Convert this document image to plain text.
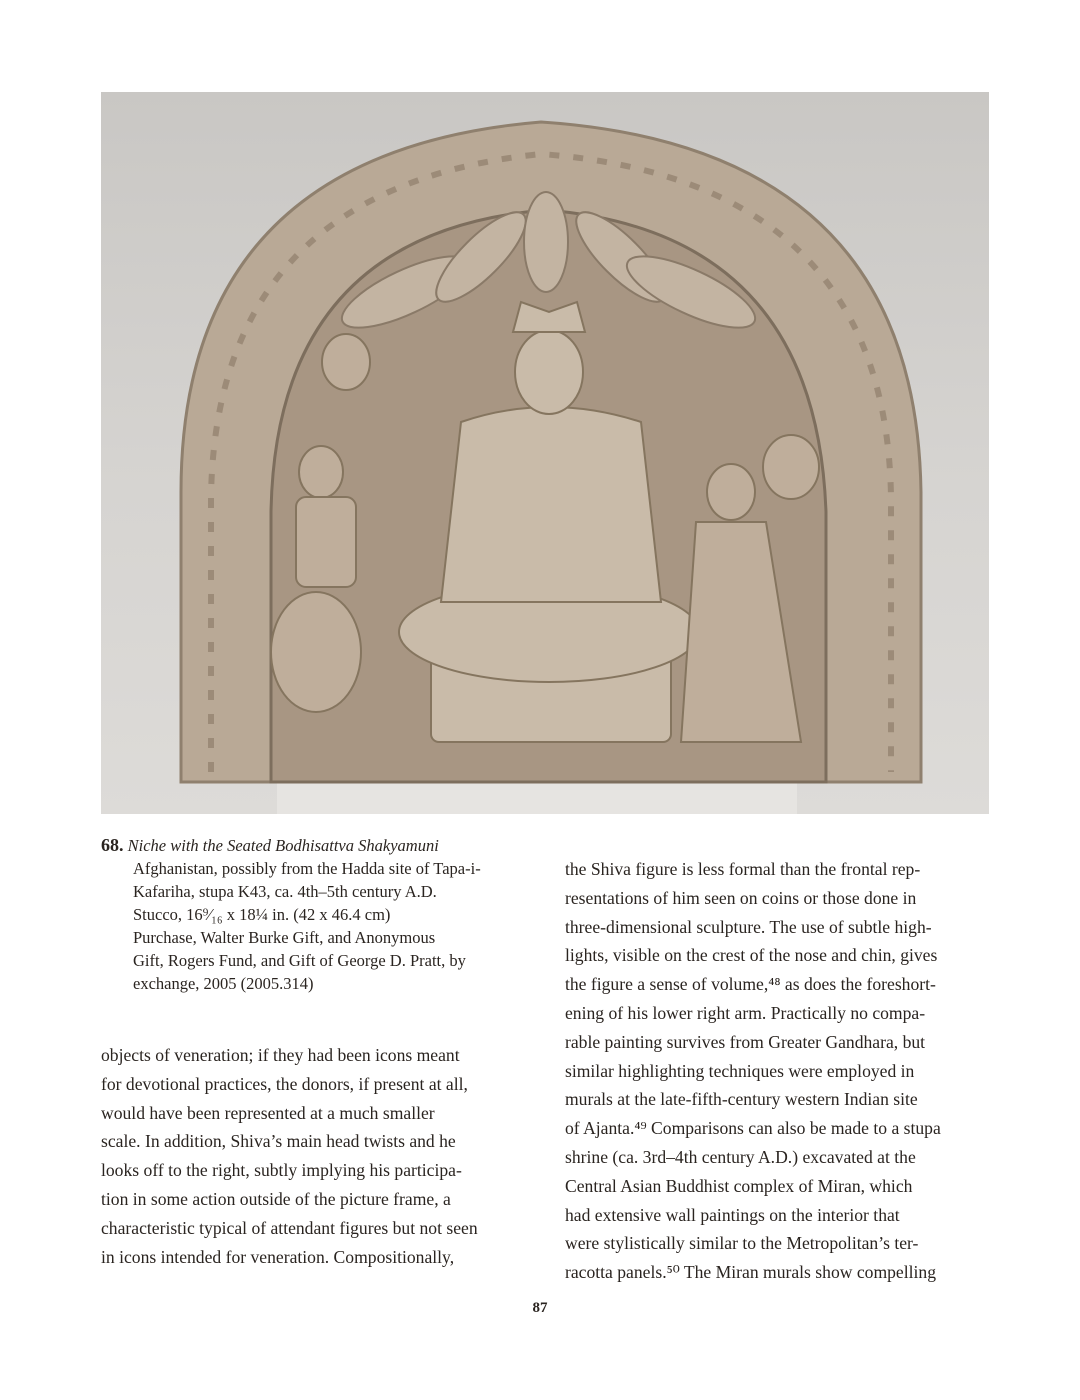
68. Niche with the Seated Bodhisattva Shakyamuni
Afghanistan, possibly from the Hadda site of Tapa-i-
Kafariha, stupa K43, ca. 4th–5th century A.D.
Stucco, 16⁹⁄₁₆ x 18¼ in. (42 x 46.4 cm)
Purchase, Walter Burke Gift, and Anonymous
Gift, Rogers Fund, and Gift of George D. Pratt, by
exchange, 2005 (2005.314)
objects of veneration; if they had been icons meant
for devotional practices, the donors, if present at all,
would have been represented at a much smaller
scale. In addition, Shiva’s main head twists and he
looks off to the right, subtly implying his participa-
tion in some action outside of the picture frame, a
characteristic typical of attendant figures but not seen
in icons intended for veneration. Compositionally,
the Shiva figure is less formal than the frontal rep-
resentations of him seen on coins or those done in
three-dimensional sculpture. The use of subtle high-
lights, visible on the crest of the nose and chin, gives
the figure a sense of volume,⁴⁸ as does the foreshort-
ening of his lower right arm. Practically no compa-
rable painting survives from Greater Gandhara, but
similar highlighting techniques were employed in
murals at the late-fifth-century western Indian site
of Ajanta.⁴⁹ Comparisons can also be made to a stupa
shrine (ca. 3rd–4th century A.D.) excavated at the
Central Asian Buddhist complex of Miran, which
had extensive wall paintings on the interior that
were stylistically similar to the Metropolitan’s ter-
racotta panels.⁵⁰ The Miran murals show compelling
87
